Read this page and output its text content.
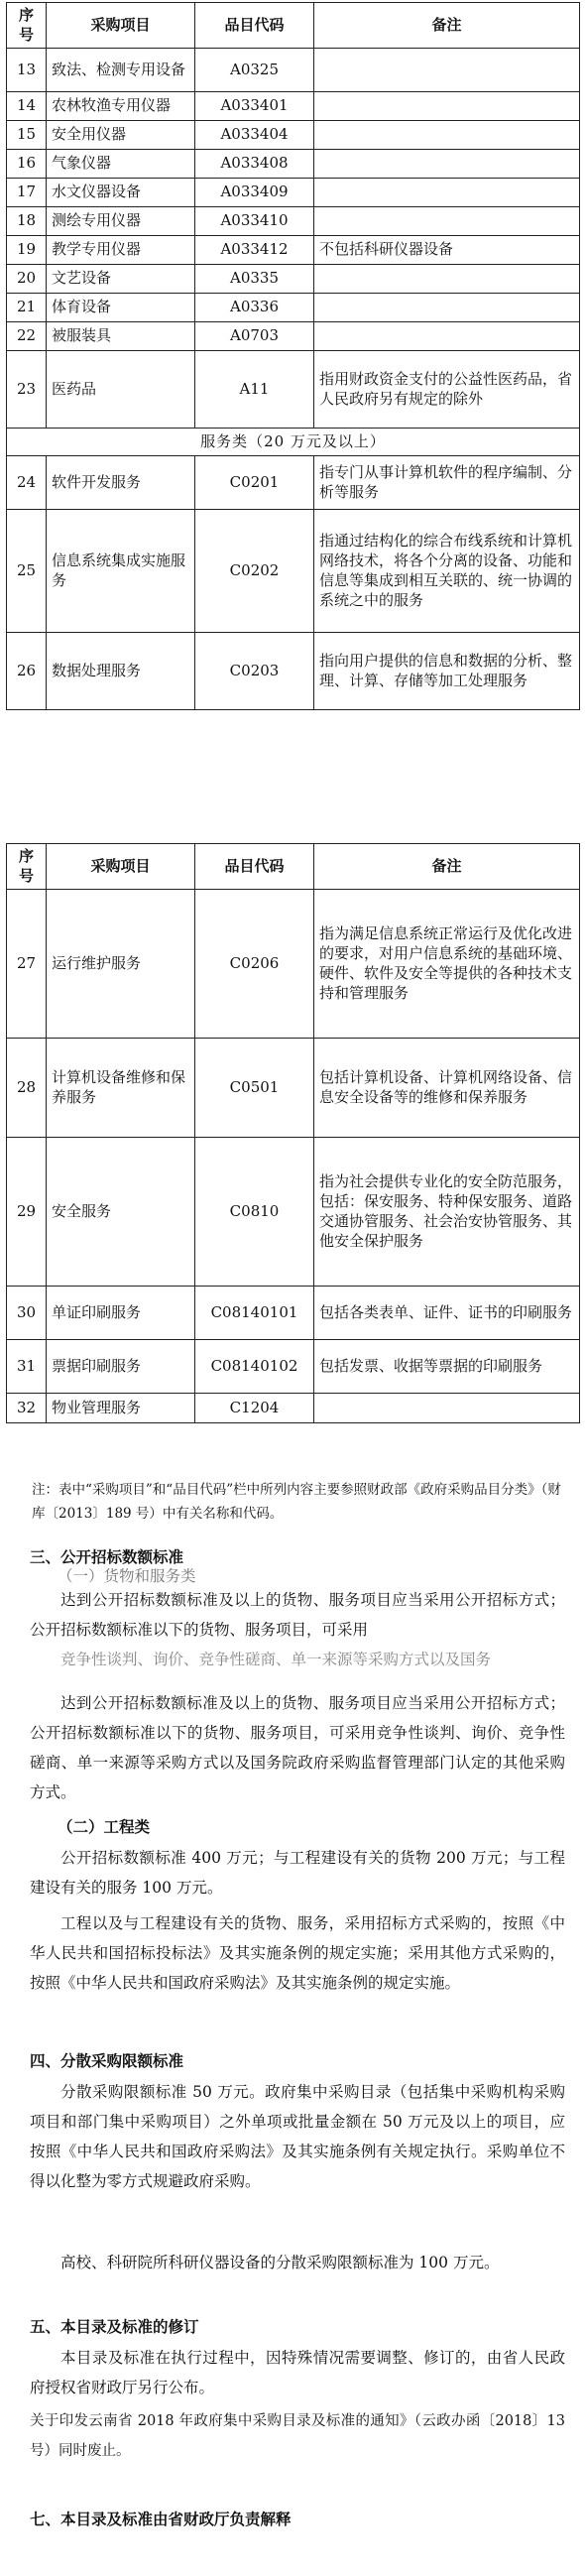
序号	采购项目	品目代码	备注
13	致法、检测专用设备	A0325	
14	农林牧渔专用仪器	A033401	
15	安全用仪器	A033404	
16	气象仪器	A033408	
17	水文仪器设备	A033409	
18	测绘专用仪器	A033410	
19	教学专用仪器	A033412	不包括科研仪器设备
20	文艺设备	A0335	
21	体育设备	A0336	
22	被服装具	A0703	
23	医药品	A11	指用财政资金支付的公益性医药品，省人民政府另有规定的除外
服务类（20 万元及以上）			
24	软件开发服务	C0201	指专门从事计算机软件的程序编制、分析等服务
25	信息系统集成实施服务	C0202	指通过结构化的综合布线系统和计算机网络技术，将各个分离的设备、功能和信息等集成到相互关联的、统一协调的系统之中的服务
26	数据处理服务	C0203	指向用户提供的信息和数据的分析、整理、计算、存储等加工处理服务
序号	采购项目	品目代码	备注
27	运行维护服务	C0206	指为满足信息系统正常运行及优化改进的要求，对用户信息系统的基础环境、硬件、软件及安全等提供的各种技术支持和管理服务
28	计算机设备维修和保养服务	C0501	包括计算机设备、计算机网络设备、信息安全设备等的维修和保养服务
29	安全服务	C0810	指为社会提供专业化的安全防范服务，包括：保安服务、特种保安服务、道路交通协管服务、社会治安协管服务、其他安全保护服务
30	单证印刷服务	C08140101	包括各类表单、证件、证书的印刷服务
31	票据印刷服务	C08140102	包括发票、收据等票据的印刷服务
32	物业管理服务	C1204	
注：表中“采购项目”和“品目代码”栏中所列内容主要参照财政部《政府采购品目分类》（财库〔2013〕189 号）中有关名称和代码。
三、公开招标数额标准
（一）货物和服务类
达到公开招标数额标准及以上的货物、服务项目应当采用公开招标方式；公开招标数额标准以下的货物、服务项目，可采用
竞争性谈判、询价、竞争性磋商、单一来源等采购方式以及国务
达到公开招标数额标准及以上的货物、服务项目应当采用公开招标方式；公开招标数额标准以下的货物、服务项目，可采用竞争性谈判、询价、竞争性磋商、单一来源等采购方式以及国务院政府采购监督管理部门认定的其他采购方式。
（二）工程类
公开招标数额标准 400 万元；与工程建设有关的货物 200 万元；与工程建设有关的服务 100 万元。
工程以及与工程建设有关的货物、服务，采用招标方式采购的，按照《中华人民共和国招标投标法》及其实施条例的规定实施；采用其他方式采购的，按照《中华人民共和国政府采购法》及其实施条例的规定实施。
四、分散采购限额标准
分散采购限额标准 50 万元。政府集中采购目录（包括集中采购机构采购项目和部门集中采购项目）之外单项或批量金额在 50 万元及以上的项目，应按照《中华人民共和国政府采购法》及其实施条例有关规定执行。采购单位不得以化整为零方式规避政府采购。
高校、科研院所科研仪器设备的分散采购限额标准为 100 万元。
五、本目录及标准的修订
本目录及标准在执行过程中，因特殊情况需要调整、修订的，由省人民政府授权省财政厅另行公布。
关于印发云南省 2018 年政府集中采购目录及标准的通知》（云政办函〔2018〕13 号）同时废止。
七、本目录及标准由省财政厅负责解释
